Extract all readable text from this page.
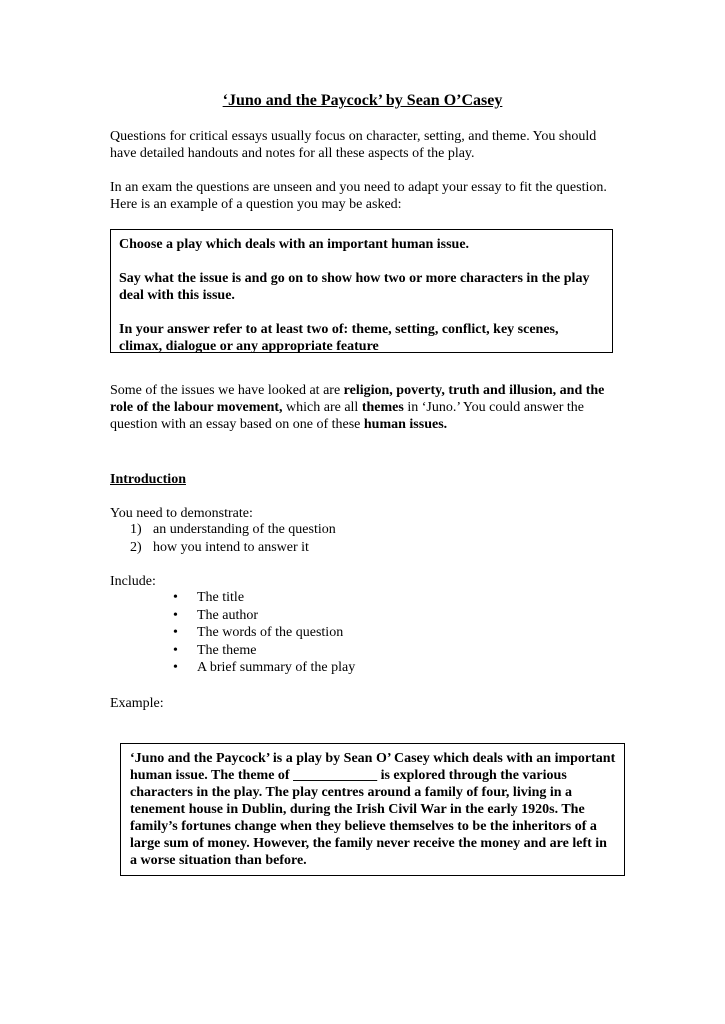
‘Juno and the Paycock’ by Sean O’Casey

Questions for critical essays usually focus on character, setting, and theme. You should have detailed handouts and notes for all these aspects of the play.

In an exam the questions are unseen and you need to adapt your essay to fit the question. Here is an example of a question you may be asked:

Choose a play which deals with an important human issue.

Say what the issue is and go on to show how two or more characters in the play deal with this issue.

In your answer refer to at least two of: theme, setting, conflict, key scenes, climax, dialogue or any appropriate feature

Some of the issues we have looked at are religion, poverty, truth and illusion, and the role of the labour movement, which are all themes in ‘Juno.’ You could answer the question with an essay based on one of these human issues.

Introduction
You need to demonstrate:
1) an understanding of the question
2) how you intend to answer it
Include:
• The title
• The author
• The words of the question
• The theme
• A brief summary of the play
Example:
‘Juno and the Paycock’ is a play by Sean O’ Casey which deals with an important human issue. The theme of ____________ is explored through the various characters in the play. The play centres around a family of four, living in a tenement house in Dublin, during the Irish Civil War in the early 1920s. The family’s fortunes change when they believe themselves to be the inheritors of a large sum of money. However, the family never receive the money and are left in a worse situation than before.
